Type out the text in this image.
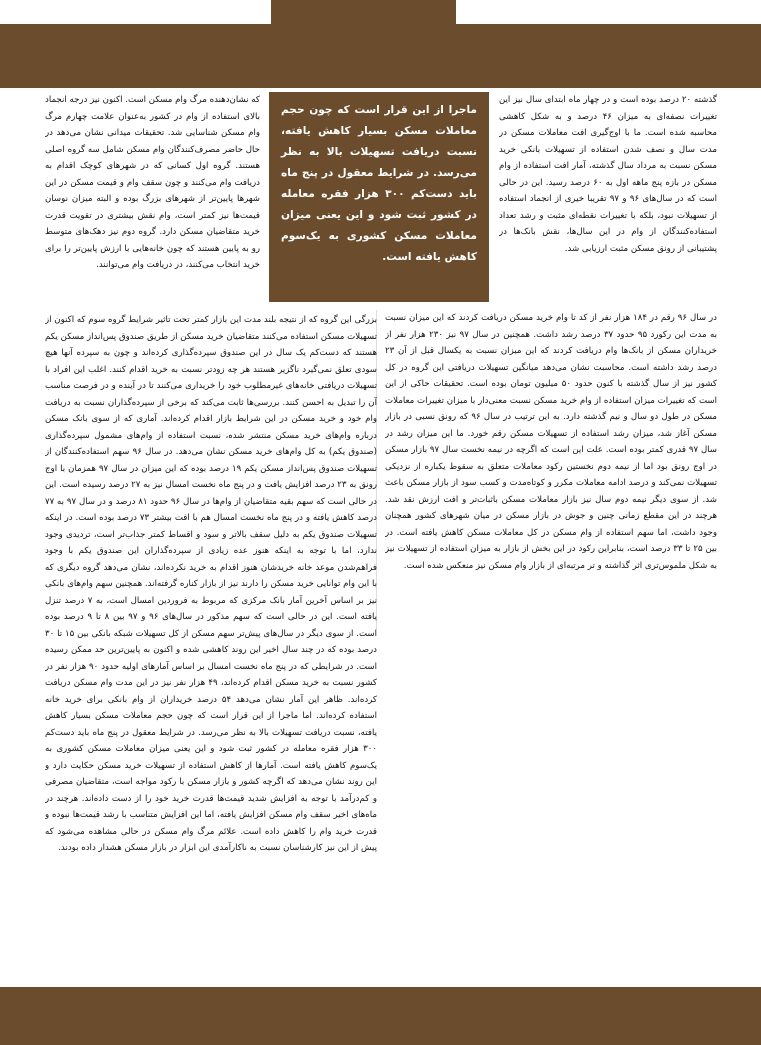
گذشته ۲۰ درصد بوده است و در چهار ماه ابتدای سال نیز این تغییرات نصفه‌ای به میزان ۴۶ درصد و به شکل کاهشی محاسبه شده است. ما با اوج‌گیری افت معاملات مسکن در مدت سال و نصف شدن استفاده از تسهیلات بانکی خرید مسکن نسبت به مرداد سال گذشته، آمار افت استفاده از وام مسکن در بازه پنج ماهه اول به ۶۰ درصد رسید. این در حالی است که در سال‌های ۹۶ و ۹۷ تقریبا خیری از انجماد استفاده از تسهیلات نبود، بلکه با تغییرات نقطه‌ای مثبت و رشد تعداد استفاده‌کنندگان از وام در این سال‌ها، نقش بانک‌ها در پشتیبانی از رونق مسکن مثبت ارزیابی شد.

ماجرا از این قرار است که چون حجم معاملات مسکن بسیار کاهش یافته، نسبت دریافت تسهیلات بالا به نظر می‌رسد. در شرایط معقول در پنج ماه باید دست‌کم ۳۰۰ هزار فقره معامله در کشور ثبت شود و این یعنی میزان معاملات مسکن کشوری به یک‌سوم کاهش یافته است.

که نشان‌دهنده مرگ وام مسکن است. اکنون نیز درجه انجماد بالای استفاده از وام در کشور به‌عنوان علامت چهارم مرگ وام مسکن شناسایی شد. تحقیقات میدانی نشان می‌دهد در حال حاضر مصرف‌کنندگان وام مسکن شامل سه گروه اصلی هستند. گروه اول کسانی که در شهرهای کوچک اقدام به دریافت وام می‌کنند و چون سقف وام و قیمت مسکن در این شهرها پایین‌تر از شهرهای بزرگ بوده و البته میزان نوسان قیمت‌ها نیز کمتر است، وام نقش بیشتری در تقویت قدرت خرید متقاضیان مسکن دارد. گروه دوم نیز دهک‌های متوسط رو به پایین هستند که چون خانه‌هایی با ارزش پایین‌تر را برای خرید انتخاب می‌کنند، در دریافت وام می‌توانند.

در سال ۹۶ رقم در ۱۸۴ هزار نفر از کد تا وام خرید مسکن دریافت کردند که این میزان نسبت به مدت این رکورد ۹۵ حدود ۳۷ درصد رشد داشت. همچنین در سال ۹۷ نیز ۲۳۰ هزار نفر از خریداران مسکن از بانک‌ها وام دریافت کردند که این میزان نسبت به یکسال قبل از آن ۲۳ درصد رشد داشته است. محاسبت نشان می‌دهد میانگین تسهیلات دریافتی این گروه در کل کشور نیز از سال گذشته با کنون حدود ۵۰ میلیون تومان بوده است. تحقیقات حاکی از این است که تغییرات میزان استفاده از وام خرید مسکن نسبت معنی‌دار با میزان تغییرات معاملات مسکن در طول دو سال و نیم گذشته دارد. به این ترتیب در سال ۹۶ که رونق نسبی در بازار مسکن آغاز شد، میزان رشد استفاده از تسهیلات مسکن رقم خورد. ما این میزان رشد در سال ۹۷ قدری کمتر بوده است. علت این است که اگرچه در نیمه نخست سال ۹۷ بازار مسکن در اوج رونق بود اما از نیمه دوم نخستین رکود معاملات متعلق به سقوط یکباره از نزدیکی تسهیلات نمی‌کند و درصد ادامه معاملات مکرر و کوتاه‌مدت و کسب سود از بازار مسکن باعث شد. از سوی دیگر نیمه دوم سال نیز بازار معاملات مسکن باثبات‌تر و افت ارزش نقد شد. هرچند در این مقطع زمانی چنین و جوش در بازار مسکن در میان شهرهای کشور همچنان وجود داشت، اما سهم استفاده از وام مسکن در کل معاملات مسکن کاهش یافته است. در بین ۲۵ تا ۳۳ درصد است، بنابراین رکود در این بخش از بازار به میزان استفاده از تسهیلات نیز به شکل ملموس‌تری اثر گذاشته و تر مرتبه‌ای از بازار وام مسکن نیز منعکس شده است.

بزرگی این گروه که از نتیجه بلند مدت این بازار کمتر تحت تاثیر شرایط گروه سوم که اکنون از تسهیلات مسکن استفاده می‌کنند متقاضیان خرید مسکن از طریق صندوق پس‌انداز مسکن یکم هستند که دست‌کم یک سال در این صندوق سپرده‌گذاری کرده‌اند و چون به سپرده آنها هیچ سودی تعلق نمی‌گیرد ناگزیر هستند هر چه زودتر نسبت به خرید اقدام کنند. اغلب این افراد با تسهیلات دریافتی خانه‌های غیرمطلوب خود را خریداری می‌کنند تا در آینده و در فرصت مناسب آن را تبدیل به احسن کنند. بررسی‌ها ثابت می‌کند که برخی از سپرده‌گذاران نسبت به دریافت وام خود و خرید مسکن در این شرایط بازار اقدام کرده‌اند. آماری که از سوی بانک مسکن درباره وام‌های خرید مسکن منتشر شده، نسبت استفاده از وام‌های مشمول سپرده‌گذاری (صندوق یکم) به کل وام‌های خرید مسکن نشان می‌دهد. در سال ۹۶ سهم استفاده‌کنندگان از تسهیلات صندوق پس‌انداز مسکن یکم ۱۹ درصد بوده که این میزان در سال ۹۷ همزمان با اوج رونق به ۲۳ درصد افزایش یافت و در پنج ماه نخست امسال نیز به ۲۷ درصد رسیده است. این در حالی است که سهم بقیه متقاضیان از وام‌ها در سال ۹۶ حدود ۸۱ درصد و در سال ۹۷ به ۷۷ درصد کاهش یافته و در پنج ماه نخست امسال هم با افت بیشتر ۷۳ درصد بوده است. در اینکه تسهیلات صندوق یکم به دلیل سقف بالاتر و سود و اقساط کمتر جذاب‌تر است، تردیدی وجود ندارد، اما با توجه به اینکه هنوز عده زیادی از سپرده‌گذاران این صندوق یکم با وجود فراهم‌شدن موعد خانه خریدشان هنوز اقدام به خرید نکرده‌اند، نشان می‌دهد گروه دیگری که با این وام توانایی خرید مسکن را دارند نیز از بازار کناره گرفته‌اند. همچنین سهم وام‌های بانکی نیز بر اساس آخرین آمار بانک مرکزی که مربوط به فروردین امسال است، به ۷ درصد تنزل یافته است. این در حالی است که سهم مذکور در سال‌های ۹۶ و ۹۷ بین ۸ تا ۹ درصد بوده است. از سوی دیگر در سال‌های پیش‌تر سهم مسکن از کل تسهیلات شبکه بانکی بین ۱۵ تا ۳۰ درصد بوده که در چند سال اخیر این روند کاهشی شده و اکنون به پایین‌ترین حد ممکن رسیده است. در شرایطی که در پنج ماه نخست امسال بر اساس آمارهای اولیه حدود ۹۰ هزار نفر در کشور نسبت به خرید مسکن اقدام کرده‌اند، ۴۹ هزار نفر نیز در این مدت وام مسکن دریافت کرده‌اند. ظاهر این آمار نشان می‌دهد ۵۴ درصد خریداران از وام بانکی برای خرید خانه استفاده کرده‌اند. اما ماجرا از این قرار است که چون حجم معاملات مسکن بسیار کاهش یافته، نسبت دریافت تسهیلات بالا به نظر می‌رسد. در شرایط معقول در پنج ماه باید دست‌کم ۳۰۰ هزار فقره معامله در کشور ثبت شود و این یعنی میزان معاملات مسکن کشوری به یک‌سوم کاهش یافته است. آمارها از کاهش استفاده از تسهیلات خرید مسکن حکایت دارد و این روند نشان می‌دهد که اگرچه کشور و بازار مسکن با رکود مواجه است، متقاضیان مصرفی و کم‌درآمد با توجه به افزایش شدید قیمت‌ها قدرت خرید خود را از دست داده‌اند. هرچند در ماه‌های اخیر سقف وام مسکن افزایش یافته، اما این افزایش متناسب با رشد قیمت‌ها نبوده و قدرت خرید وام را کاهش داده است. علائم مرگ وام مسکن در حالی مشاهده می‌شود که پیش از این نیز کارشناسان نسبت به ناکارآمدی این ابزار در بازار مسکن هشدار داده بودند.
